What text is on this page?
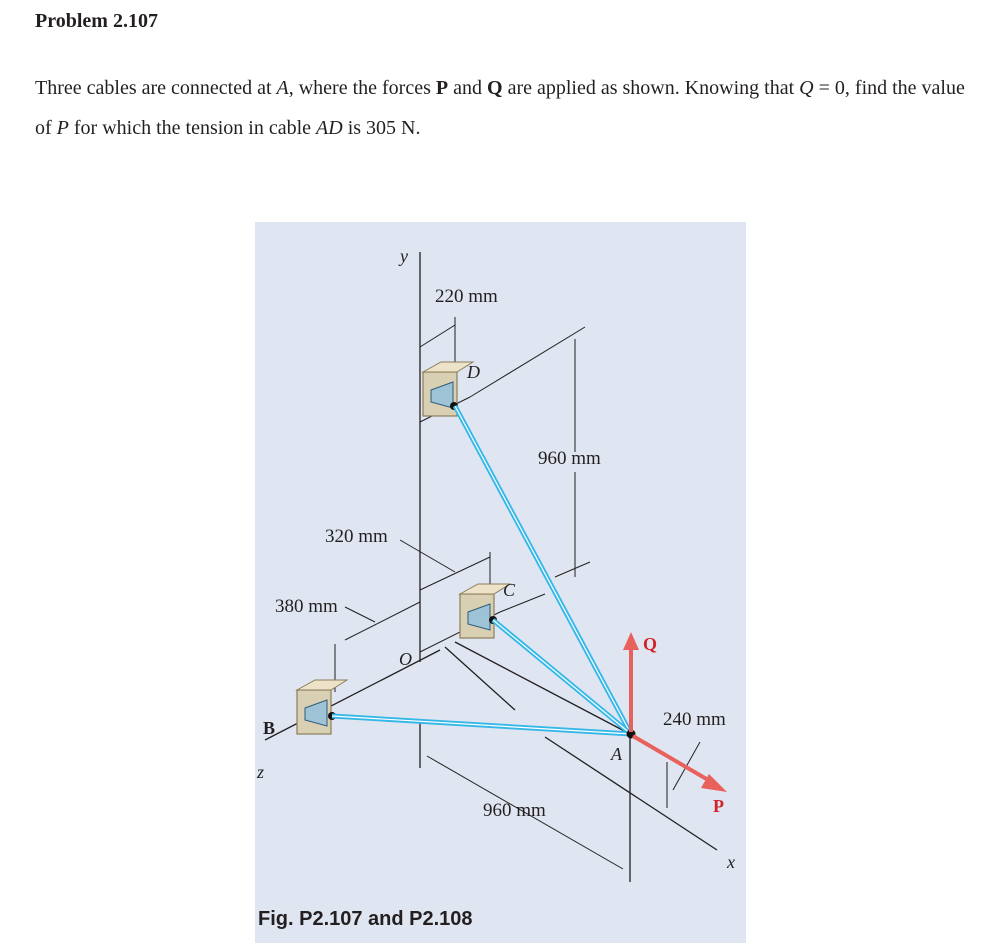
Problem 2.107
Three cables are connected at A, where the forces P and Q are applied as shown. Knowing that Q = 0, find the value of P for which the tension in cable AD is 305 N.
y
z
x
O
A
B
C
D
Q
P
220 mm
960 mm
320 mm
380 mm
240 mm
960 mm
Fig. P2.107 and P2.108
